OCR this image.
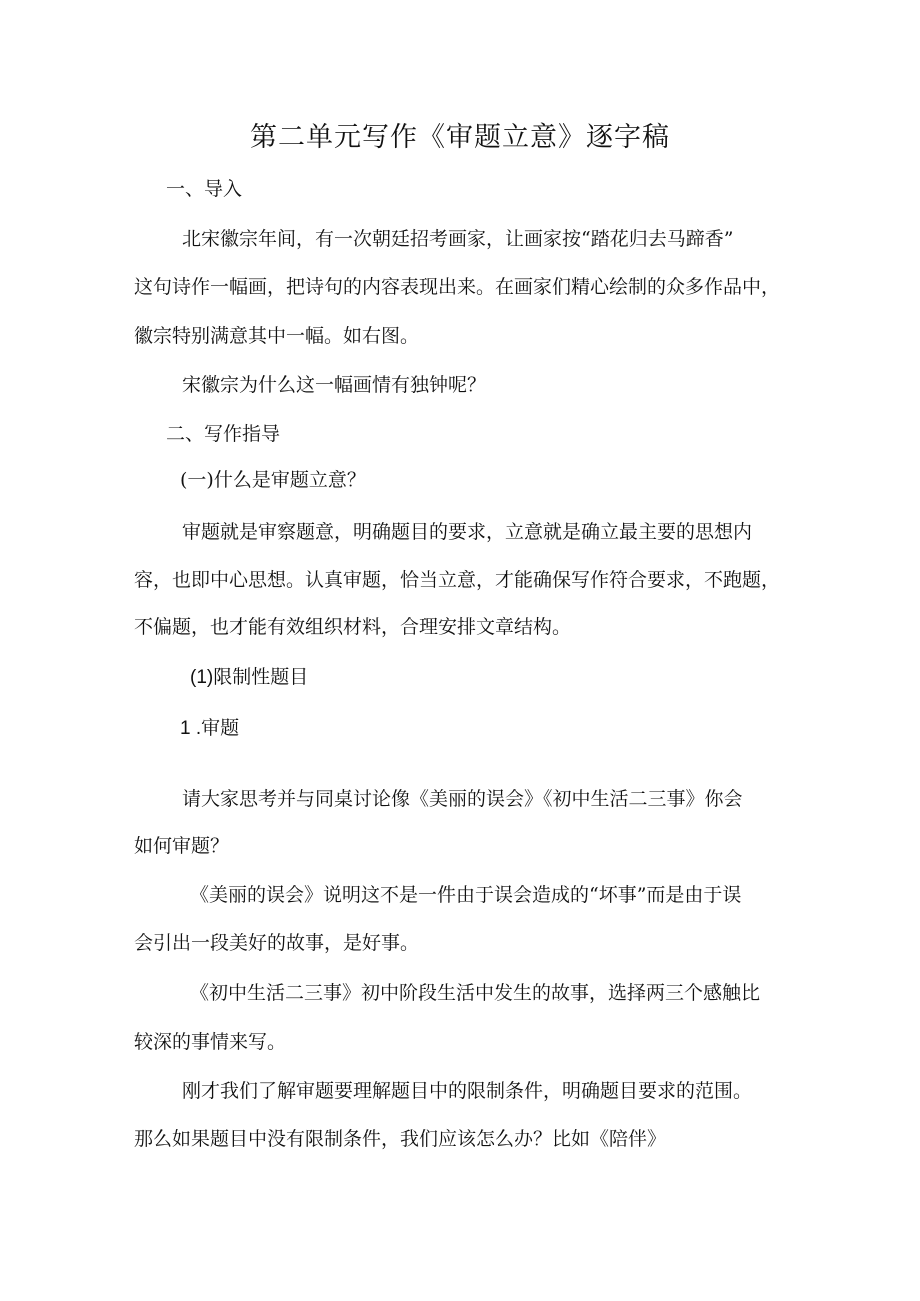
第二单元写作《审题立意》逐字稿
一、导入
北宋徽宗年间，有一次朝廷招考画家，让画家按“踏花归去马蹄香”
这句诗作一幅画，把诗句的内容表现出来。在画家们精心绘制的众多作品中，
徽宗特别满意其中一幅。如右图。
宋徽宗为什么这一幅画情有独钟呢？
二、写作指导
(一)什么是审题立意？
审题就是审察题意，明确题目的要求，立意就是确立最主要的思想内
容，也即中心思想。认真审题，恰当立意，才能确保写作符合要求，不跑题，
不偏题，也才能有效组织材料，合理安排文章结构。
(1)限制性题目
1 .审题
请大家思考并与同桌讨论像《美丽的误会》《初中生活二三事》你会
如何审题？
《美丽的误会》说明这不是一件由于误会造成的“坏事”而是由于误
会引出一段美好的故事，是好事。
《初中生活二三事》初中阶段生活中发生的故事，选择两三个感触比
较深的事情来写。
刚才我们了解审题要理解题目中的限制条件，明确题目要求的范围。
那么如果题目中没有限制条件，我们应该怎么办？比如《陪伴》
